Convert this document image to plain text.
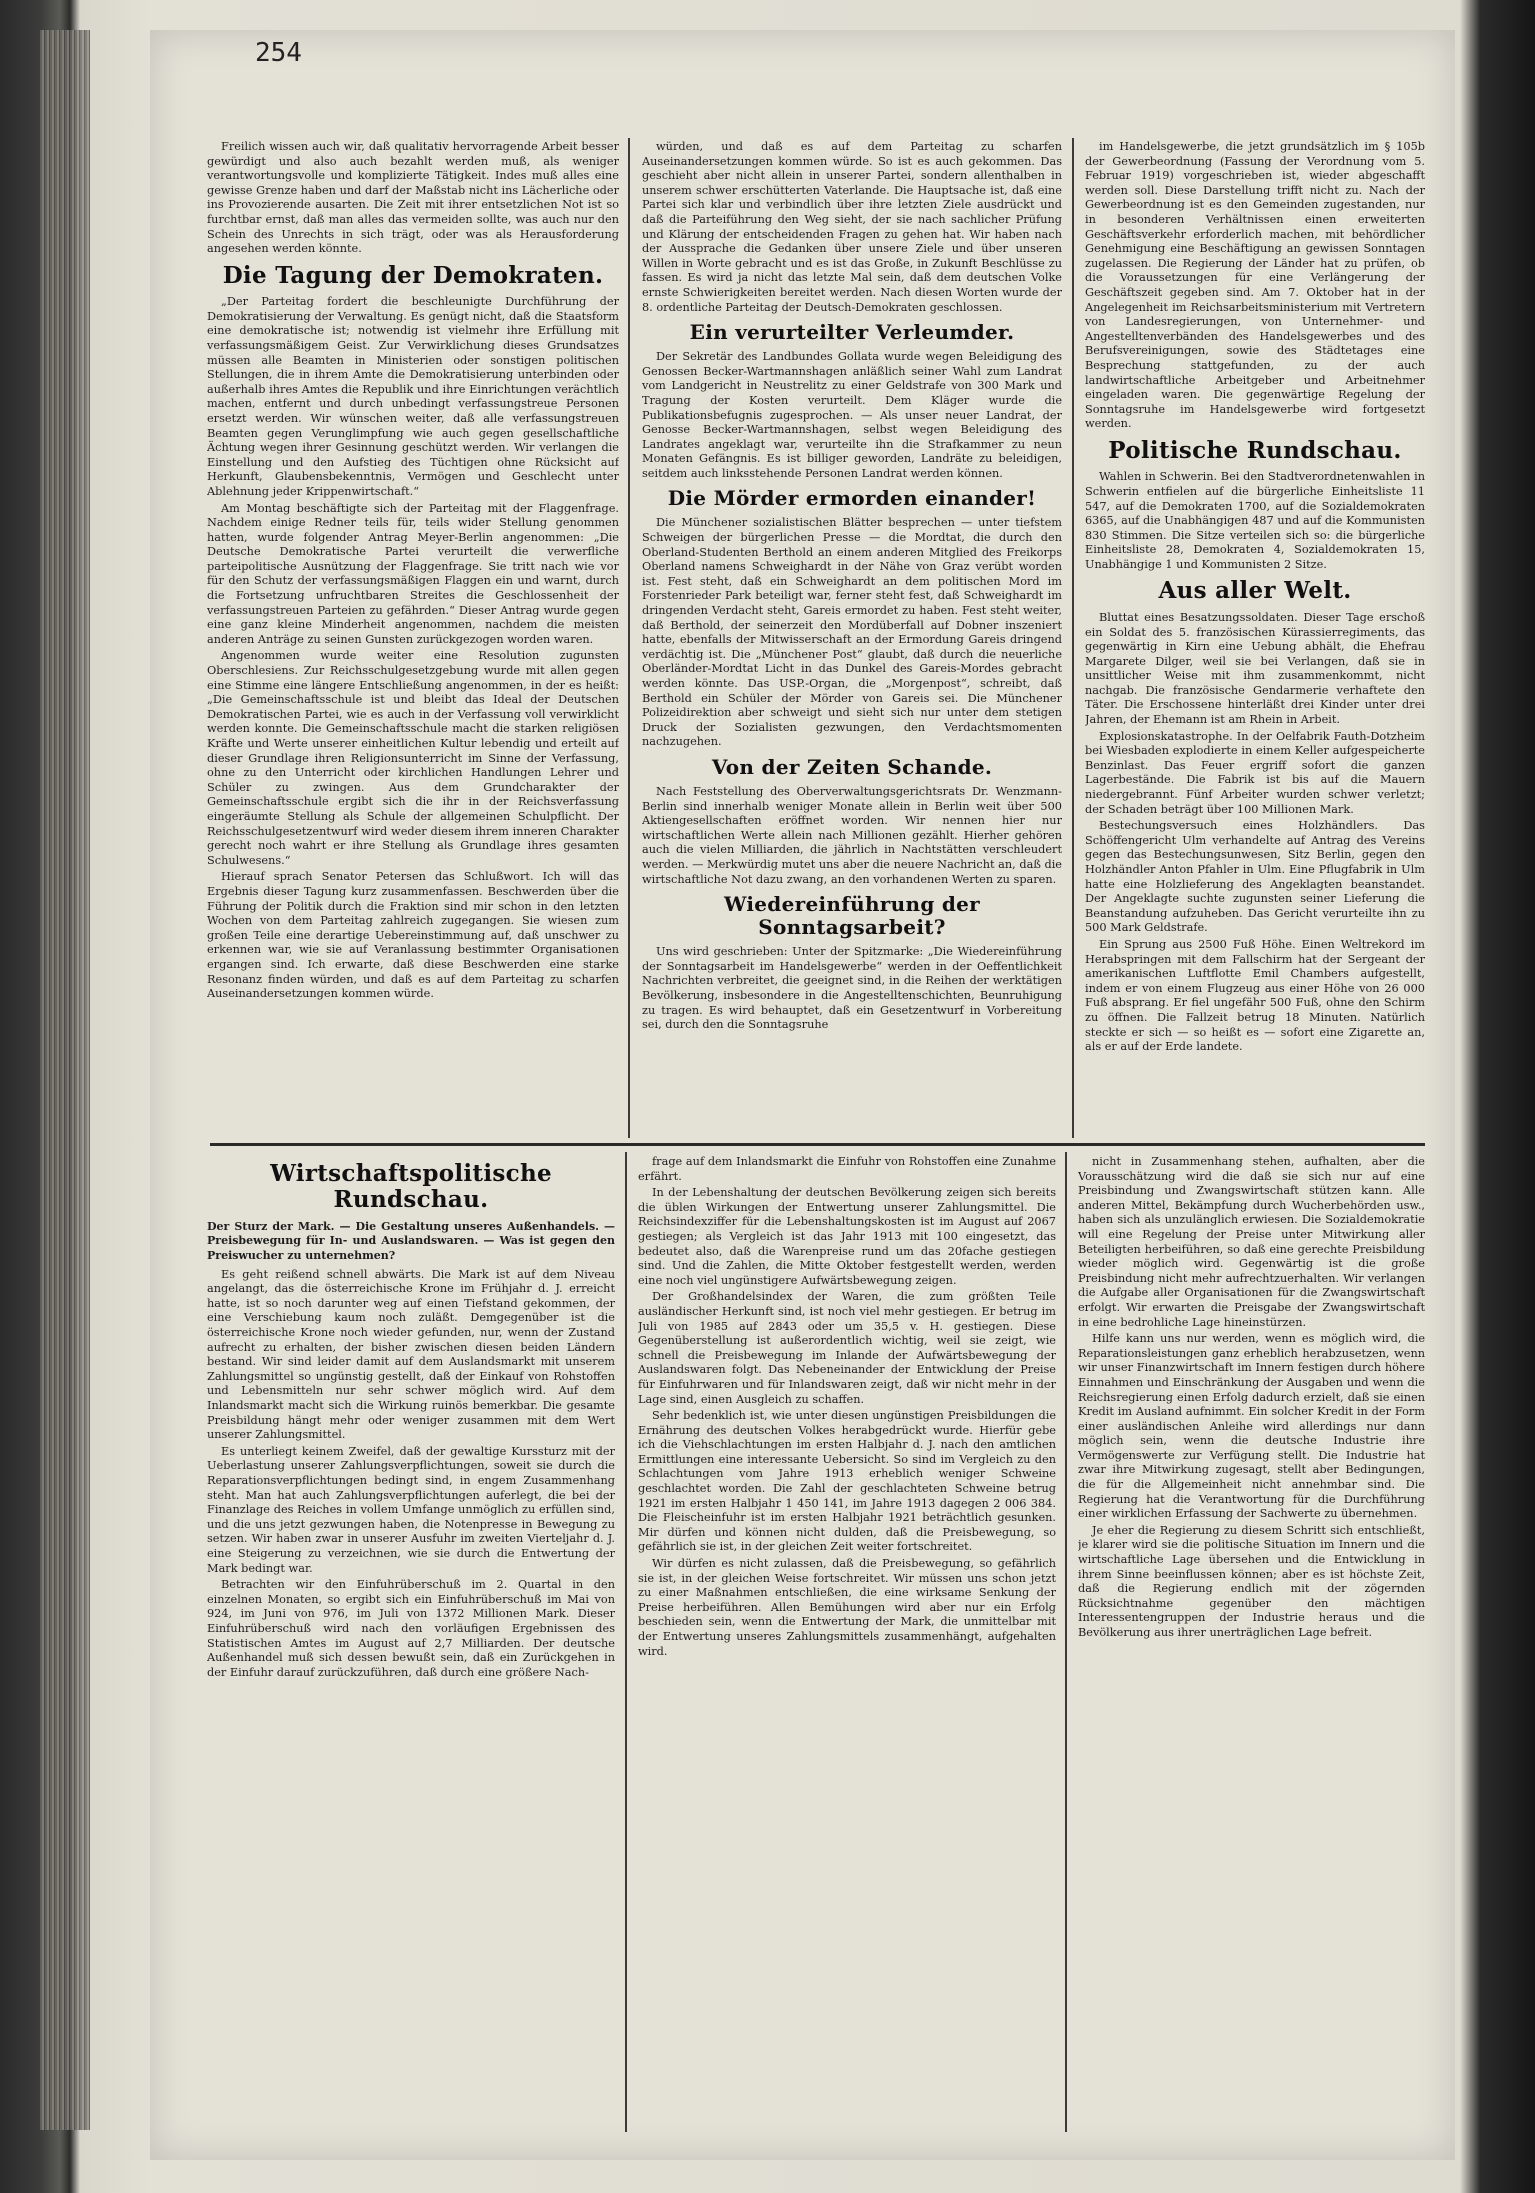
254

Freilich wissen auch wir, daß qualitativ hervorragende Arbeit besser gewürdigt und also auch bezahlt werden muß, als weniger verantwortungsvolle und komplizierte Tätigkeit. Indes muß alles eine gewisse Grenze haben und darf der Maßstab nicht ins Lächerliche oder ins Provozierende ausarten. Die Zeit mit ihrer entsetzlichen Not ist so furchtbar ernst, daß man alles das vermeiden sollte, was auch nur den Schein des Unrechts in sich trägt, oder was als Herausforderung angesehen werden könnte.

Die Tagung der Demokraten.

„Der Parteitag fordert die beschleunigte Durchführung der Demokratisierung der Verwaltung. Es genügt nicht, daß die Staatsform eine demokratische ist; notwendig ist vielmehr ihre Erfüllung mit verfassungsmäßigem Geist. Zur Verwirklichung dieses Grundsatzes müssen alle Beamten in Ministerien oder sonstigen politischen Stellungen, die in ihrem Amte die Demokratisierung unterbinden oder außerhalb ihres Amtes die Republik und ihre Einrichtungen verächtlich machen, entfernt und durch unbedingt verfassungstreue Personen ersetzt werden. Wir wünschen weiter, daß alle verfassungstreuen Beamten gegen Verunglimpfung wie auch gegen gesellschaftliche Ächtung wegen ihrer Gesinnung geschützt werden. Wir verlangen die Einstellung und den Aufstieg des Tüchtigen ohne Rücksicht auf Herkunft, Glaubensbekenntnis, Vermögen und Geschlecht unter Ablehnung jeder Krippenwirtschaft.“

Am Montag beschäftigte sich der Parteitag mit der Flaggenfrage. Nachdem einige Redner teils für, teils wider Stellung genommen hatten, wurde folgender Antrag Meyer-Berlin angenommen: „Die Deutsche Demokratische Partei verurteilt die verwerfliche parteipolitische Ausnützung der Flaggenfrage. Sie tritt nach wie vor für den Schutz der verfassungsmäßigen Flaggen ein und warnt, durch die Fortsetzung unfruchtbaren Streites die Geschlossenheit der verfassungstreuen Parteien zu gefährden.“ Dieser Antrag wurde gegen eine ganz kleine Minderheit angenommen, nachdem die meisten anderen Anträge zu seinen Gunsten zurückgezogen worden waren.

Angenommen wurde weiter eine Resolution zugunsten Oberschlesiens. Zur Reichsschulgesetzgebung wurde mit allen gegen eine Stimme eine längere Entschließung angenommen, in der es heißt: „Die Gemeinschaftsschule ist und bleibt das Ideal der Deutschen Demokratischen Partei, wie es auch in der Verfassung voll verwirklicht werden konnte. Die Gemeinschaftsschule macht die starken religiösen Kräfte und Werte unserer einheitlichen Kultur lebendig und erteilt auf dieser Grundlage ihren Religionsunterricht im Sinne der Verfassung, ohne zu den Unterricht oder kirchlichen Handlungen Lehrer und Schüler zu zwingen. Aus dem Grundcharakter der Gemeinschaftsschule ergibt sich die ihr in der Reichsverfassung eingeräumte Stellung als Schule der allgemeinen Schulpflicht. Der Reichsschulgesetzentwurf wird weder diesem ihrem inneren Charakter gerecht noch wahrt er ihre Stellung als Grundlage ihres gesamten Schulwesens.“

Hierauf sprach Senator Petersen das Schlußwort. Ich will das Ergebnis dieser Tagung kurz zusammenfassen. Beschwerden über die Führung der Politik durch die Fraktion sind mir schon in den letzten Wochen von dem Parteitag zahlreich zugegangen. Sie wiesen zum großen Teile eine derartige Uebereinstimmung auf, daß unschwer zu erkennen war, wie sie auf Veranlassung bestimmter Organisationen ergangen sind. Ich erwarte, daß diese Beschwerden eine starke Resonanz finden würden, und daß es auf dem Parteitag zu scharfen Auseinandersetzungen kommen würde.

würden, und daß es auf dem Parteitag zu scharfen Auseinandersetzungen kommen würde. So ist es auch gekommen. Das geschieht aber nicht allein in unserer Partei, sondern allenthalben in unserem schwer erschütterten Vaterlande. Die Hauptsache ist, daß eine Partei sich klar und verbindlich über ihre letzten Ziele ausdrückt und daß die Parteiführung den Weg sieht, der sie nach sachlicher Prüfung und Klärung der entscheidenden Fragen zu gehen hat. Wir haben nach der Aussprache die Gedanken über unsere Ziele und über unseren Willen in Worte gebracht und es ist das Große, in Zukunft Beschlüsse zu fassen. Es wird ja nicht das letzte Mal sein, daß dem deutschen Volke ernste Schwierigkeiten bereitet werden. Nach diesen Worten wurde der 8. ordentliche Parteitag der Deutsch-Demokraten geschlossen.

Ein verurteilter Verleumder.

Der Sekretär des Landbundes Gollata wurde wegen Beleidigung des Genossen Becker-Wartmannshagen anläßlich seiner Wahl zum Landrat vom Landgericht in Neustrelitz zu einer Geldstrafe von 300 Mark und Tragung der Kosten verurteilt. Dem Kläger wurde die Publikationsbefugnis zugesprochen. — Als unser neuer Landrat, der Genosse Becker-Wartmannshagen, selbst wegen Beleidigung des Landrates angeklagt war, verurteilte ihn die Strafkammer zu neun Monaten Gefängnis. Es ist billiger geworden, Landräte zu beleidigen, seitdem auch linksstehende Personen Landrat werden können.

Die Mörder ermorden einander!

Die Münchener sozialistischen Blätter besprechen — unter tiefstem Schweigen der bürgerlichen Presse — die Mordtat, die durch den Oberland-Studenten Berthold an einem anderen Mitglied des Freikorps Oberland namens Schweighardt in der Nähe von Graz verübt worden ist. Fest steht, daß ein Schweighardt an dem politischen Mord im Forstenrieder Park beteiligt war, ferner steht fest, daß Schweighardt im dringenden Verdacht steht, Gareis ermordet zu haben. Fest steht weiter, daß Berthold, der seinerzeit den Mordüberfall auf Dobner inszeniert hatte, ebenfalls der Mitwisserschaft an der Ermordung Gareis dringend verdächtig ist. Die „Münchener Post“ glaubt, daß durch die neuerliche Oberländer-Mordtat Licht in das Dunkel des Gareis-Mordes gebracht werden könnte. Das USP.-Organ, die „Morgenpost“, schreibt, daß Berthold ein Schüler der Mörder von Gareis sei. Die Münchener Polizeidirektion aber schweigt und sieht sich nur unter dem stetigen Druck der Sozialisten gezwungen, den Verdachtsmomenten nachzugehen.

Von der Zeiten Schande.

Nach Feststellung des Oberverwaltungsgerichtsrats Dr. Wenzmann-Berlin sind innerhalb weniger Monate allein in Berlin weit über 500 Aktiengesellschaften eröffnet worden. Wir nennen hier nur wirtschaftlichen Werte allein nach Millionen gezählt. Hierher gehören auch die vielen Milliarden, die jährlich in Nachtstätten verschleudert werden. — Merkwürdig mutet uns aber die neuere Nachricht an, daß die wirtschaftliche Not dazu zwang, an den vorhandenen Werten zu sparen.

Wiedereinführung der Sonntagsarbeit?

Uns wird geschrieben: Unter der Spitzmarke: „Die Wiedereinführung der Sonntagsarbeit im Handelsgewerbe“ werden in der Oeffentlichkeit Nachrichten verbreitet, die geeignet sind, in die Reihen der werktätigen Bevölkerung, insbesondere in die Angestelltenschichten, Beunruhigung zu tragen. Es wird behauptet, daß ein Gesetzentwurf in Vorbereitung sei, durch den die Sonntagsruhe

im Handelsgewerbe, die jetzt grundsätzlich im § 105b der Gewerbeordnung (Fassung der Verordnung vom 5. Februar 1919) vorgeschrieben ist, wieder abgeschafft werden soll. Diese Darstellung trifft nicht zu. Nach der Gewerbeordnung ist es den Gemeinden zugestanden, nur in besonderen Verhältnissen einen erweiterten Geschäftsverkehr erforderlich machen, mit behördlicher Genehmigung eine Beschäftigung an gewissen Sonntagen zugelassen. Die Regierung der Länder hat zu prüfen, ob die Voraussetzungen für eine Verlängerung der Geschäftszeit gegeben sind. Am 7. Oktober hat in der Angelegenheit im Reichsarbeitsministerium mit Vertretern von Landesregierungen, von Unternehmer- und Angestelltenverbänden des Handelsgewerbes und des Berufsvereinigungen, sowie des Städtetages eine Besprechung stattgefunden, zu der auch landwirtschaftliche Arbeitgeber und Arbeitnehmer eingeladen waren. Die gegenwärtige Regelung der Sonntagsruhe im Handelsgewerbe wird fortgesetzt werden.

Politische Rundschau.

Wahlen in Schwerin. Bei den Stadtverordnetenwahlen in Schwerin entfielen auf die bürgerliche Einheitsliste 11 547, auf die Demokraten 1700, auf die Sozialdemokraten 6365, auf die Unabhängigen 487 und auf die Kommunisten 830 Stimmen. Die Sitze verteilen sich so: die bürgerliche Einheitsliste 28, Demokraten 4, Sozialdemokraten 15, Unabhängige 1 und Kommunisten 2 Sitze.

Aus aller Welt.

Bluttat eines Besatzungssoldaten. Dieser Tage erschoß ein Soldat des 5. französischen Kürassierregiments, das gegenwärtig in Kirn eine Uebung abhält, die Ehefrau Margarete Dilger, weil sie bei Verlangen, daß sie in unsittlicher Weise mit ihm zusammenkommt, nicht nachgab. Die französische Gendarmerie verhaftete den Täter. Die Erschossene hinterläßt drei Kinder unter drei Jahren, der Ehemann ist am Rhein in Arbeit.

Explosionskatastrophe. In der Oelfabrik Fauth-Dotzheim bei Wiesbaden explodierte in einem Keller aufgespeicherte Benzinlast. Das Feuer ergriff sofort die ganzen Lagerbestände. Die Fabrik ist bis auf die Mauern niedergebrannt. Fünf Arbeiter wurden schwer verletzt; der Schaden beträgt über 100 Millionen Mark.

Bestechungsversuch eines Holzhändlers. Das Schöffengericht Ulm verhandelte auf Antrag des Vereins gegen das Bestechungsunwesen, Sitz Berlin, gegen den Holzhändler Anton Pfahler in Ulm. Eine Pflugfabrik in Ulm hatte eine Holzlieferung des Angeklagten beanstandet. Der Angeklagte suchte zugunsten seiner Lieferung die Beanstandung aufzuheben. Das Gericht verurteilte ihn zu 500 Mark Geldstrafe.

Ein Sprung aus 2500 Fuß Höhe. Einen Weltrekord im Herabspringen mit dem Fallschirm hat der Sergeant der amerikanischen Luftflotte Emil Chambers aufgestellt, indem er von einem Flugzeug aus einer Höhe von 26 000 Fuß absprang. Er fiel ungefähr 500 Fuß, ohne den Schirm zu öffnen. Die Fallzeit betrug 18 Minuten. Natürlich steckte er sich — so heißt es — sofort eine Zigarette an, als er auf der Erde landete.

Wirtschaftspolitische Rundschau.
Der Sturz der Mark. — Die Gestaltung unseres Außenhandels. — Preisbewegung für In- und Auslandswaren. — Was ist gegen den Preiswucher zu unternehmen?

Es geht reißend schnell abwärts. Die Mark ist auf dem Niveau angelangt, das die österreichische Krone im Frühjahr d. J. erreicht hatte, ist so noch darunter weg auf einen Tiefstand gekommen, der eine Verschiebung kaum noch zuläßt. Demgegenüber ist die österreichische Krone noch wieder gefunden, nur, wenn der Zustand aufrecht zu erhalten, der bisher zwischen diesen beiden Ländern bestand. Wir sind leider damit auf dem Auslandsmarkt mit unserem Zahlungsmittel so ungünstig gestellt, daß der Einkauf von Rohstoffen und Lebensmitteln nur sehr schwer möglich wird. Auf dem Inlandsmarkt macht sich die Wirkung ruinös bemerkbar. Die gesamte Preisbildung hängt mehr oder weniger zusammen mit dem Wert unserer Zahlungsmittel.

Es unterliegt keinem Zweifel, daß der gewaltige Kurssturz mit der Ueberlastung unserer Zahlungsverpflichtungen, soweit sie durch die Reparationsverpflichtungen bedingt sind, in engem Zusammenhang steht. Man hat auch Zahlungsverpflichtungen auferlegt, die bei der Finanzlage des Reiches in vollem Umfange unmöglich zu erfüllen sind, und die uns jetzt gezwungen haben, die Notenpresse in Bewegung zu setzen. Wir haben zwar in unserer Ausfuhr im zweiten Vierteljahr d. J. eine Steigerung zu verzeichnen, wie sie durch die Entwertung der Mark bedingt war.

Betrachten wir den Einfuhrüberschuß im 2. Quartal in den einzelnen Monaten, so ergibt sich ein Einfuhrüberschuß im Mai von 924, im Juni von 976, im Juli von 1372 Millionen Mark. Dieser Einfuhrüberschuß wird nach den vorläufigen Ergebnissen des Statistischen Amtes im August auf 2,7 Milliarden. Der deutsche Außenhandel muß sich dessen bewußt sein, daß ein Zurückgehen in der Einfuhr darauf zurückzuführen, daß durch eine größere Nach-

frage auf dem Inlandsmarkt die Einfuhr von Rohstoffen eine Zunahme erfährt.

In der Lebenshaltung der deutschen Bevölkerung zeigen sich bereits die üblen Wirkungen der Entwertung unserer Zahlungsmittel. Die Reichsindexziffer für die Lebenshaltungskosten ist im August auf 2067 gestiegen; als Vergleich ist das Jahr 1913 mit 100 eingesetzt, das bedeutet also, daß die Warenpreise rund um das 20fache gestiegen sind. Und die Zahlen, die Mitte Oktober festgestellt werden, werden eine noch viel ungünstigere Aufwärtsbewegung zeigen.

Der Großhandelsindex der Waren, die zum größten Teile ausländischer Herkunft sind, ist noch viel mehr gestiegen. Er betrug im Juli von 1985 auf 2843 oder um 35,5 v. H. gestiegen. Diese Gegenüberstellung ist außerordentlich wichtig, weil sie zeigt, wie schnell die Preisbewegung im Inlande der Aufwärtsbewegung der Auslandswaren folgt. Das Nebeneinander der Entwicklung der Preise für Einfuhrwaren und für Inlandswaren zeigt, daß wir nicht mehr in der Lage sind, einen Ausgleich zu schaffen.

Sehr bedenklich ist, wie unter diesen ungünstigen Preisbildungen die Ernährung des deutschen Volkes herabgedrückt wurde. Hierfür gebe ich die Viehschlachtungen im ersten Halbjahr d. J. nach den amtlichen Ermittlungen eine interessante Uebersicht. So sind im Vergleich zu den Schlachtungen vom Jahre 1913 erheblich weniger Schweine geschlachtet worden. Die Zahl der geschlachteten Schweine betrug 1921 im ersten Halbjahr 1 450 141, im Jahre 1913 dagegen 2 006 384. Die Fleischeinfuhr ist im ersten Halbjahr 1921 beträchtlich gesunken. Mir dürfen und können nicht dulden, daß die Preisbewegung, so gefährlich sie ist, in der gleichen Zeit weiter fortschreitet.

Wir dürfen es nicht zulassen, daß die Preisbewegung, so gefährlich sie ist, in der gleichen Weise fortschreitet. Wir müssen uns schon jetzt zu einer Maßnahmen entschließen, die eine wirksame Senkung der Preise herbeiführen. Allen Bemühungen wird aber nur ein Erfolg beschieden sein, wenn die Entwertung der Mark, die unmittelbar mit der Entwertung unseres Zahlungsmittels zusammenhängt, aufgehalten wird.

nicht in Zusammenhang stehen, aufhalten, aber die Vorausschätzung wird die daß sie sich nur auf eine Preisbindung und Zwangswirtschaft stützen kann. Alle anderen Mittel, Bekämpfung durch Wucherbehörden usw., haben sich als unzulänglich erwiesen. Die Sozialdemokratie will eine Regelung der Preise unter Mitwirkung aller Beteiligten herbeiführen, so daß eine gerechte Preisbildung wieder möglich wird. Gegenwärtig ist die große Preisbindung nicht mehr aufrechtzuerhalten. Wir verlangen die Aufgabe aller Organisationen für die Zwangswirtschaft erfolgt. Wir erwarten die Preisgabe der Zwangswirtschaft in eine bedrohliche Lage hineinstürzen.

Hilfe kann uns nur werden, wenn es möglich wird, die Reparationsleistungen ganz erheblich herabzusetzen, wenn wir unser Finanzwirtschaft im Innern festigen durch höhere Einnahmen und Einschränkung der Ausgaben und wenn die Reichsregierung einen Erfolg dadurch erzielt, daß sie einen Kredit im Ausland aufnimmt. Ein solcher Kredit in der Form einer ausländischen Anleihe wird allerdings nur dann möglich sein, wenn die deutsche Industrie ihre Vermögenswerte zur Verfügung stellt. Die Industrie hat zwar ihre Mitwirkung zugesagt, stellt aber Bedingungen, die für die Allgemeinheit nicht annehmbar sind. Die Regierung hat die Verantwortung für die Durchführung einer wirklichen Erfassung der Sachwerte zu übernehmen.

Je eher die Regierung zu diesem Schritt sich entschließt, je klarer wird sie die politische Situation im Innern und die wirtschaftliche Lage übersehen und die Entwicklung in ihrem Sinne beeinflussen können; aber es ist höchste Zeit, daß die Regierung endlich mit der zögernden Rücksichtnahme gegenüber den mächtigen Interessentengruppen der Industrie heraus und die Bevölkerung aus ihrer unerträglichen Lage befreit.
